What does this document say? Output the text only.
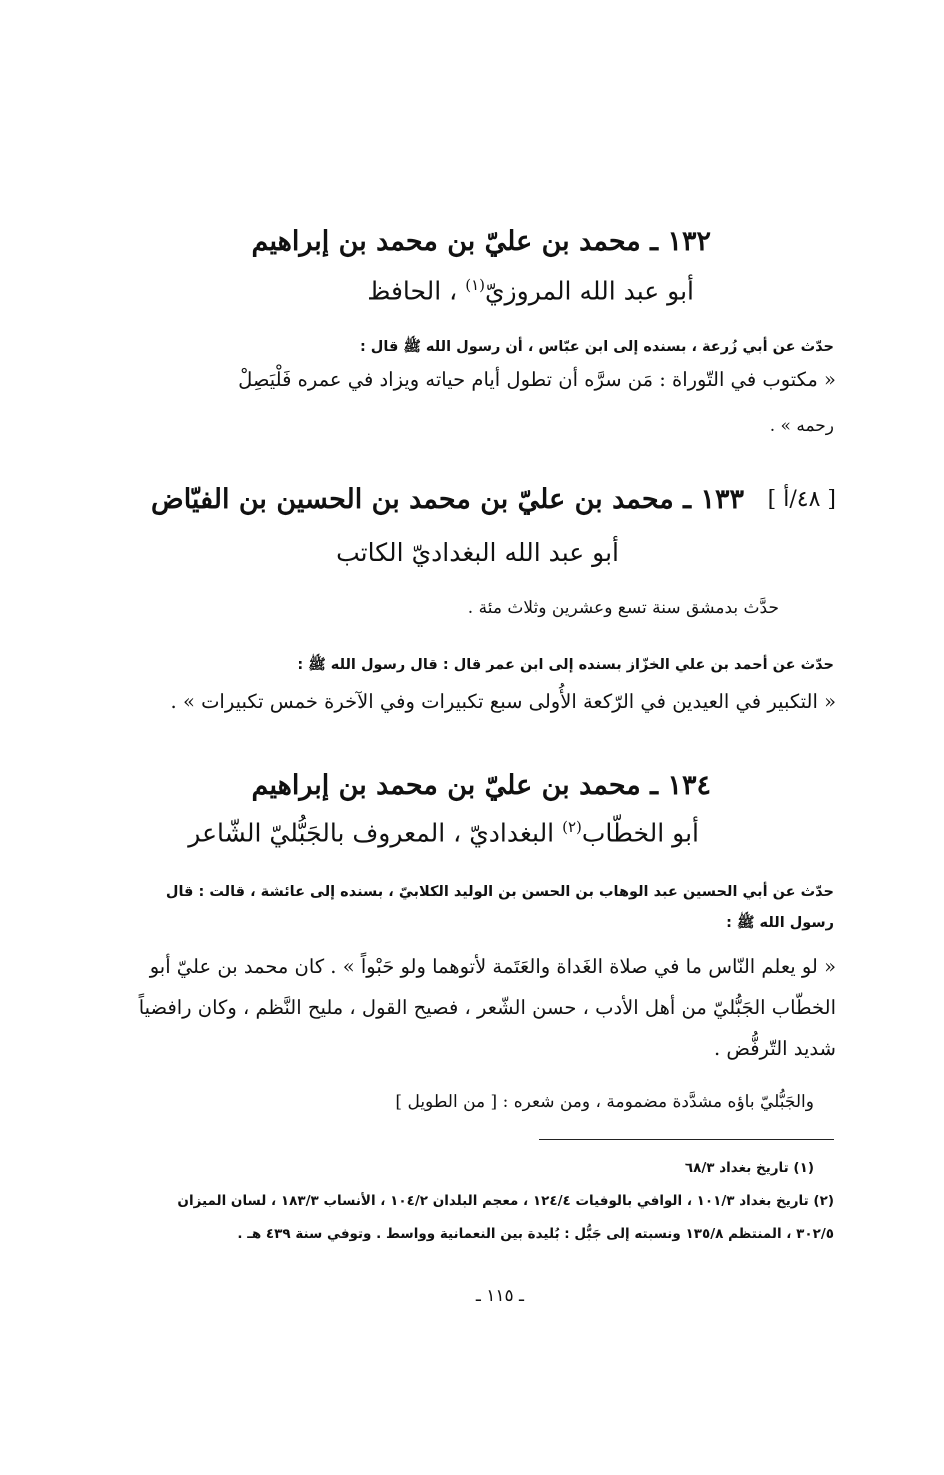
١٣٢ ـ محمد بن عليّ بن محمد بن إبراهيم
أبو عبد الله المروزيّ$^{(١)}$ ، الحافظ
حدّث عن أبي زُرعة ، بسنده إلى ابن عبّاس ، أن رسول الله ﷺ قال :
« مكتوب في التّوراة : مَن سرَّه أن تطول أيام حياته ويزاد في عمره فَلْيَصِلْ
رحمه » .
[ ٤٨/أ ]
١٣٣ ـ محمد بن عليّ بن محمد بن الحسين بن الفيّاض
أبو عبد الله البغداديّ الكاتب
حدَّث بدمشق سنة تسع وعشرين وثلاث مئة .
حدّث عن أحمد بن علي الخزّاز بسنده إلى ابن عمر قال : قال رسول الله ﷺ :
« التكبير في العيدين في الرّكعة الأُولى سبع تكبيرات وفي الآخرة خمس تكبيرات » .
١٣٤ ـ محمد بن عليّ بن محمد بن إبراهيم
أبو الخطّاب$^{(٢)}$ البغداديّ ، المعروف بالجَبُّليّ الشّاعر
حدّث عن أبي الحسين عبد الوهاب بن الحسن بن الوليد الكلابيّ ، بسنده إلى عائشة ، قالت : قال
رسول الله ﷺ :
« لو يعلم النّاس ما في صلاة الغَداة والعَتَمة لأتوهما ولو حَبْواً » . كان محمد بن عليّ أبو
الخطّاب الجَبُّليّ من أهل الأدب ، حسن الشّعر ، فصيح القول ، مليح النَّظم ، وكان رافضياً
شديد التّرفُّض .
والجَبُّليّ باؤه مشدَّدة مضمومة ، ومن شعره : [ من الطويل ]
(١) تاريخ بغداد ٦٨/٣
(٢) تاريخ بغداد ١٠١/٣ ، الوافي بالوفيات ١٢٤/٤ ، معجم البلدان ١٠٤/٢ ، الأنساب ١٨٣/٣ ، لسان الميزان
٣٠٢/٥ ، المنتظم ١٣٥/٨ ونسبته إلى جَبُّل : بُليدة بين النعمانية وواسط . وتوفي سنة ٤٣٩ هـ .
ـ ١١٥ ـ
